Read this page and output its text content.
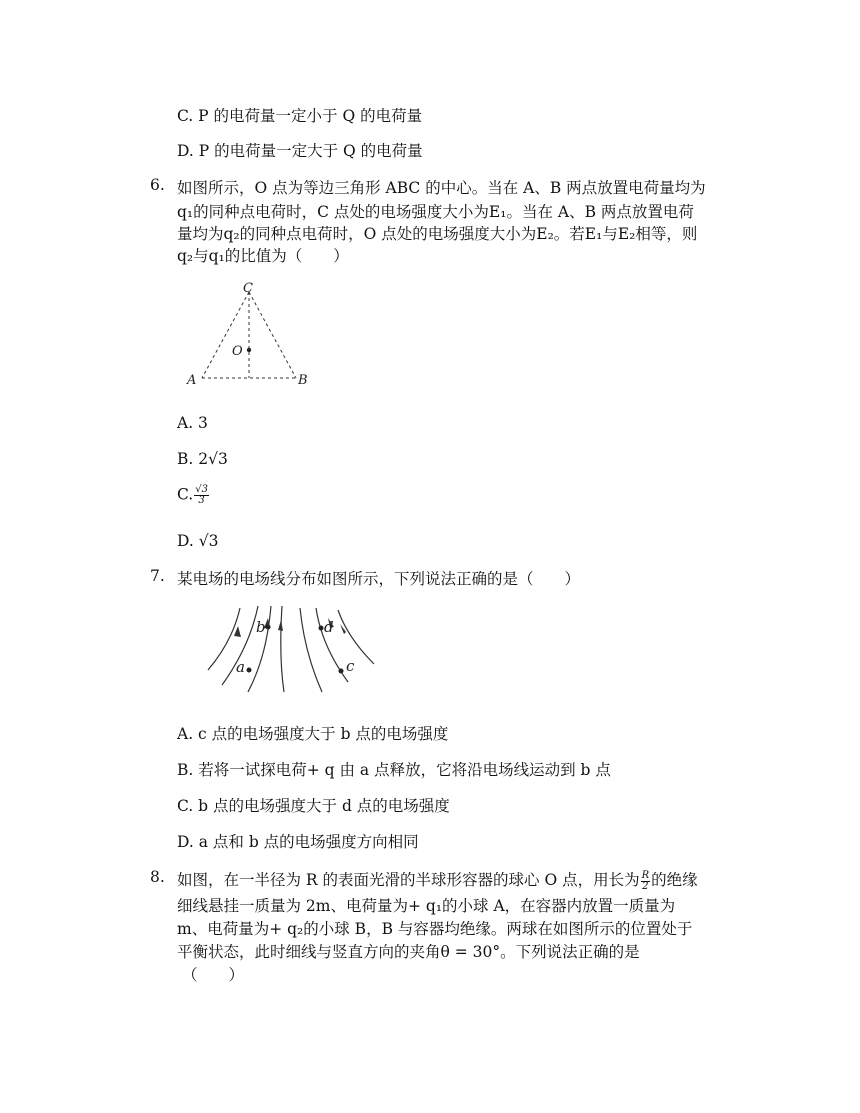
C. P 的电荷量一定小于 Q 的电荷量
D. P 的电荷量一定大于 Q 的电荷量
6. 如图所示，O 点为等边三角形 ABC 的中心。当在 A、B 两点放置电荷量均为
q₁的同种点电荷时，C 点处的电场强度大小为E₁。当在 A、B 两点放置电荷
量均为q₂的同种点电荷时，O 点处的电场强度大小为E₂。若E₁与E₂相等，则
q₂与q₁的比值为（　　）
C
O
A	B
A. 3
B. 2√3
C. $\frac{√3}{3}$
D. √3
7. 某电场的电场线分布如图所示，下列说法正确的是（　　）
a
b
c
d
A. c 点的电场强度大于 b 点的电场强度
B. 若将一试探电荷+ q 由 a 点释放，它将沿电场线运动到 b 点
C. b 点的电场强度大于 d 点的电场强度
D. a 点和 b 点的电场强度方向相同
8. 如图，在一半径为 R 的表面光滑的半球形容器的球心 O 点，用长为 $\frac{R}{2}$ 的绝缘
细线悬挂一质量为 2m、电荷量为+ q₁的小球 A，在容器内放置一质量为
m、电荷量为+ q₂的小球 B，B 与容器均绝缘。两球在如图所示的位置处于
平衡状态，此时细线与竖直方向的夹角θ = 30°。下列说法正确的是
（　　）
